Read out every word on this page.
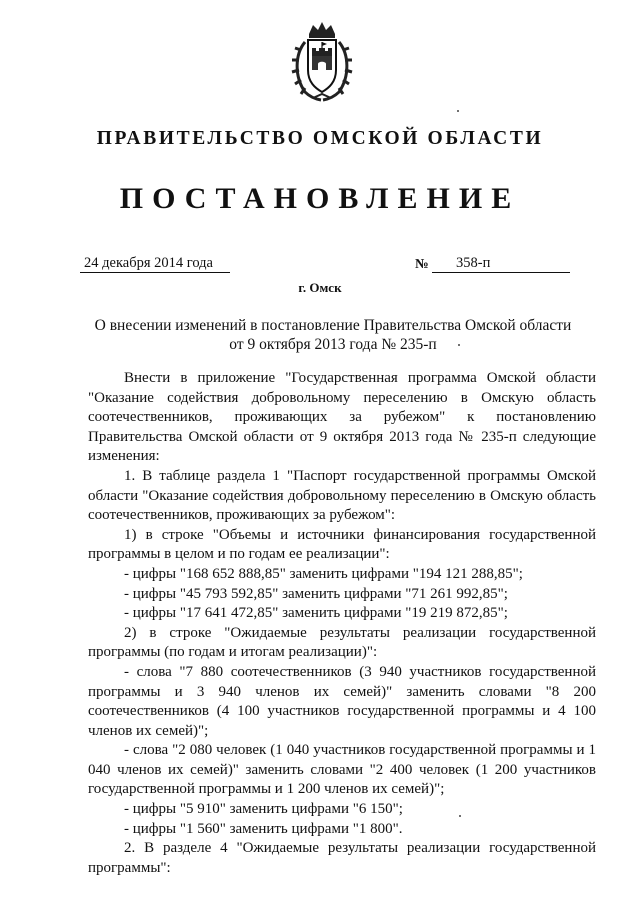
ПРАВИТЕЛЬСТВО ОМСКОЙ ОБЛАСТИ
ПОСТАНОВЛЕНИЕ
24 декабря 2014 года	№	358-п
г. Омск
О внесении изменений в постановление Правительства Омской области
от 9 октября 2013 года № 235-п

Внести в приложение "Государственная программа Омской области "Оказание содействия добровольному переселению в Омскую область соотечественников, проживающих за рубежом" к постановлению Правительства Омской области от 9 октября 2013 года № 235-п следующие изменения:

1. В таблице раздела 1 "Паспорт государственной программы Омской области "Оказание содействия добровольному переселению в Омскую область соотечественников, проживающих за рубежом":

1) в строке "Объемы и источники финансирования государственной программы в целом и по годам ее реализации":

- цифры "168 652 888,85" заменить цифрами "194 121 288,85";

- цифры "45 793 592,85" заменить цифрами "71 261 992,85";

- цифры "17 641 472,85" заменить цифрами "19 219 872,85";

2) в строке "Ожидаемые результаты реализации государственной программы (по годам и итогам реализации)":

- слова "7 880 соотечественников (3 940 участников государственной программы и 3 940 членов их семей)" заменить словами "8 200 соотечественников (4 100 участников государственной программы и 4 100 членов их семей)";

- слова "2 080 человек (1 040 участников государственной программы и 1 040 членов их семей)" заменить словами "2 400 человек (1 200 участников государственной программы и 1 200 членов их семей)";

- цифры "5 910" заменить цифрами "6 150";

- цифры "1 560" заменить цифрами "1 800".

2. В разделе 4 "Ожидаемые результаты реализации государственной программы":
